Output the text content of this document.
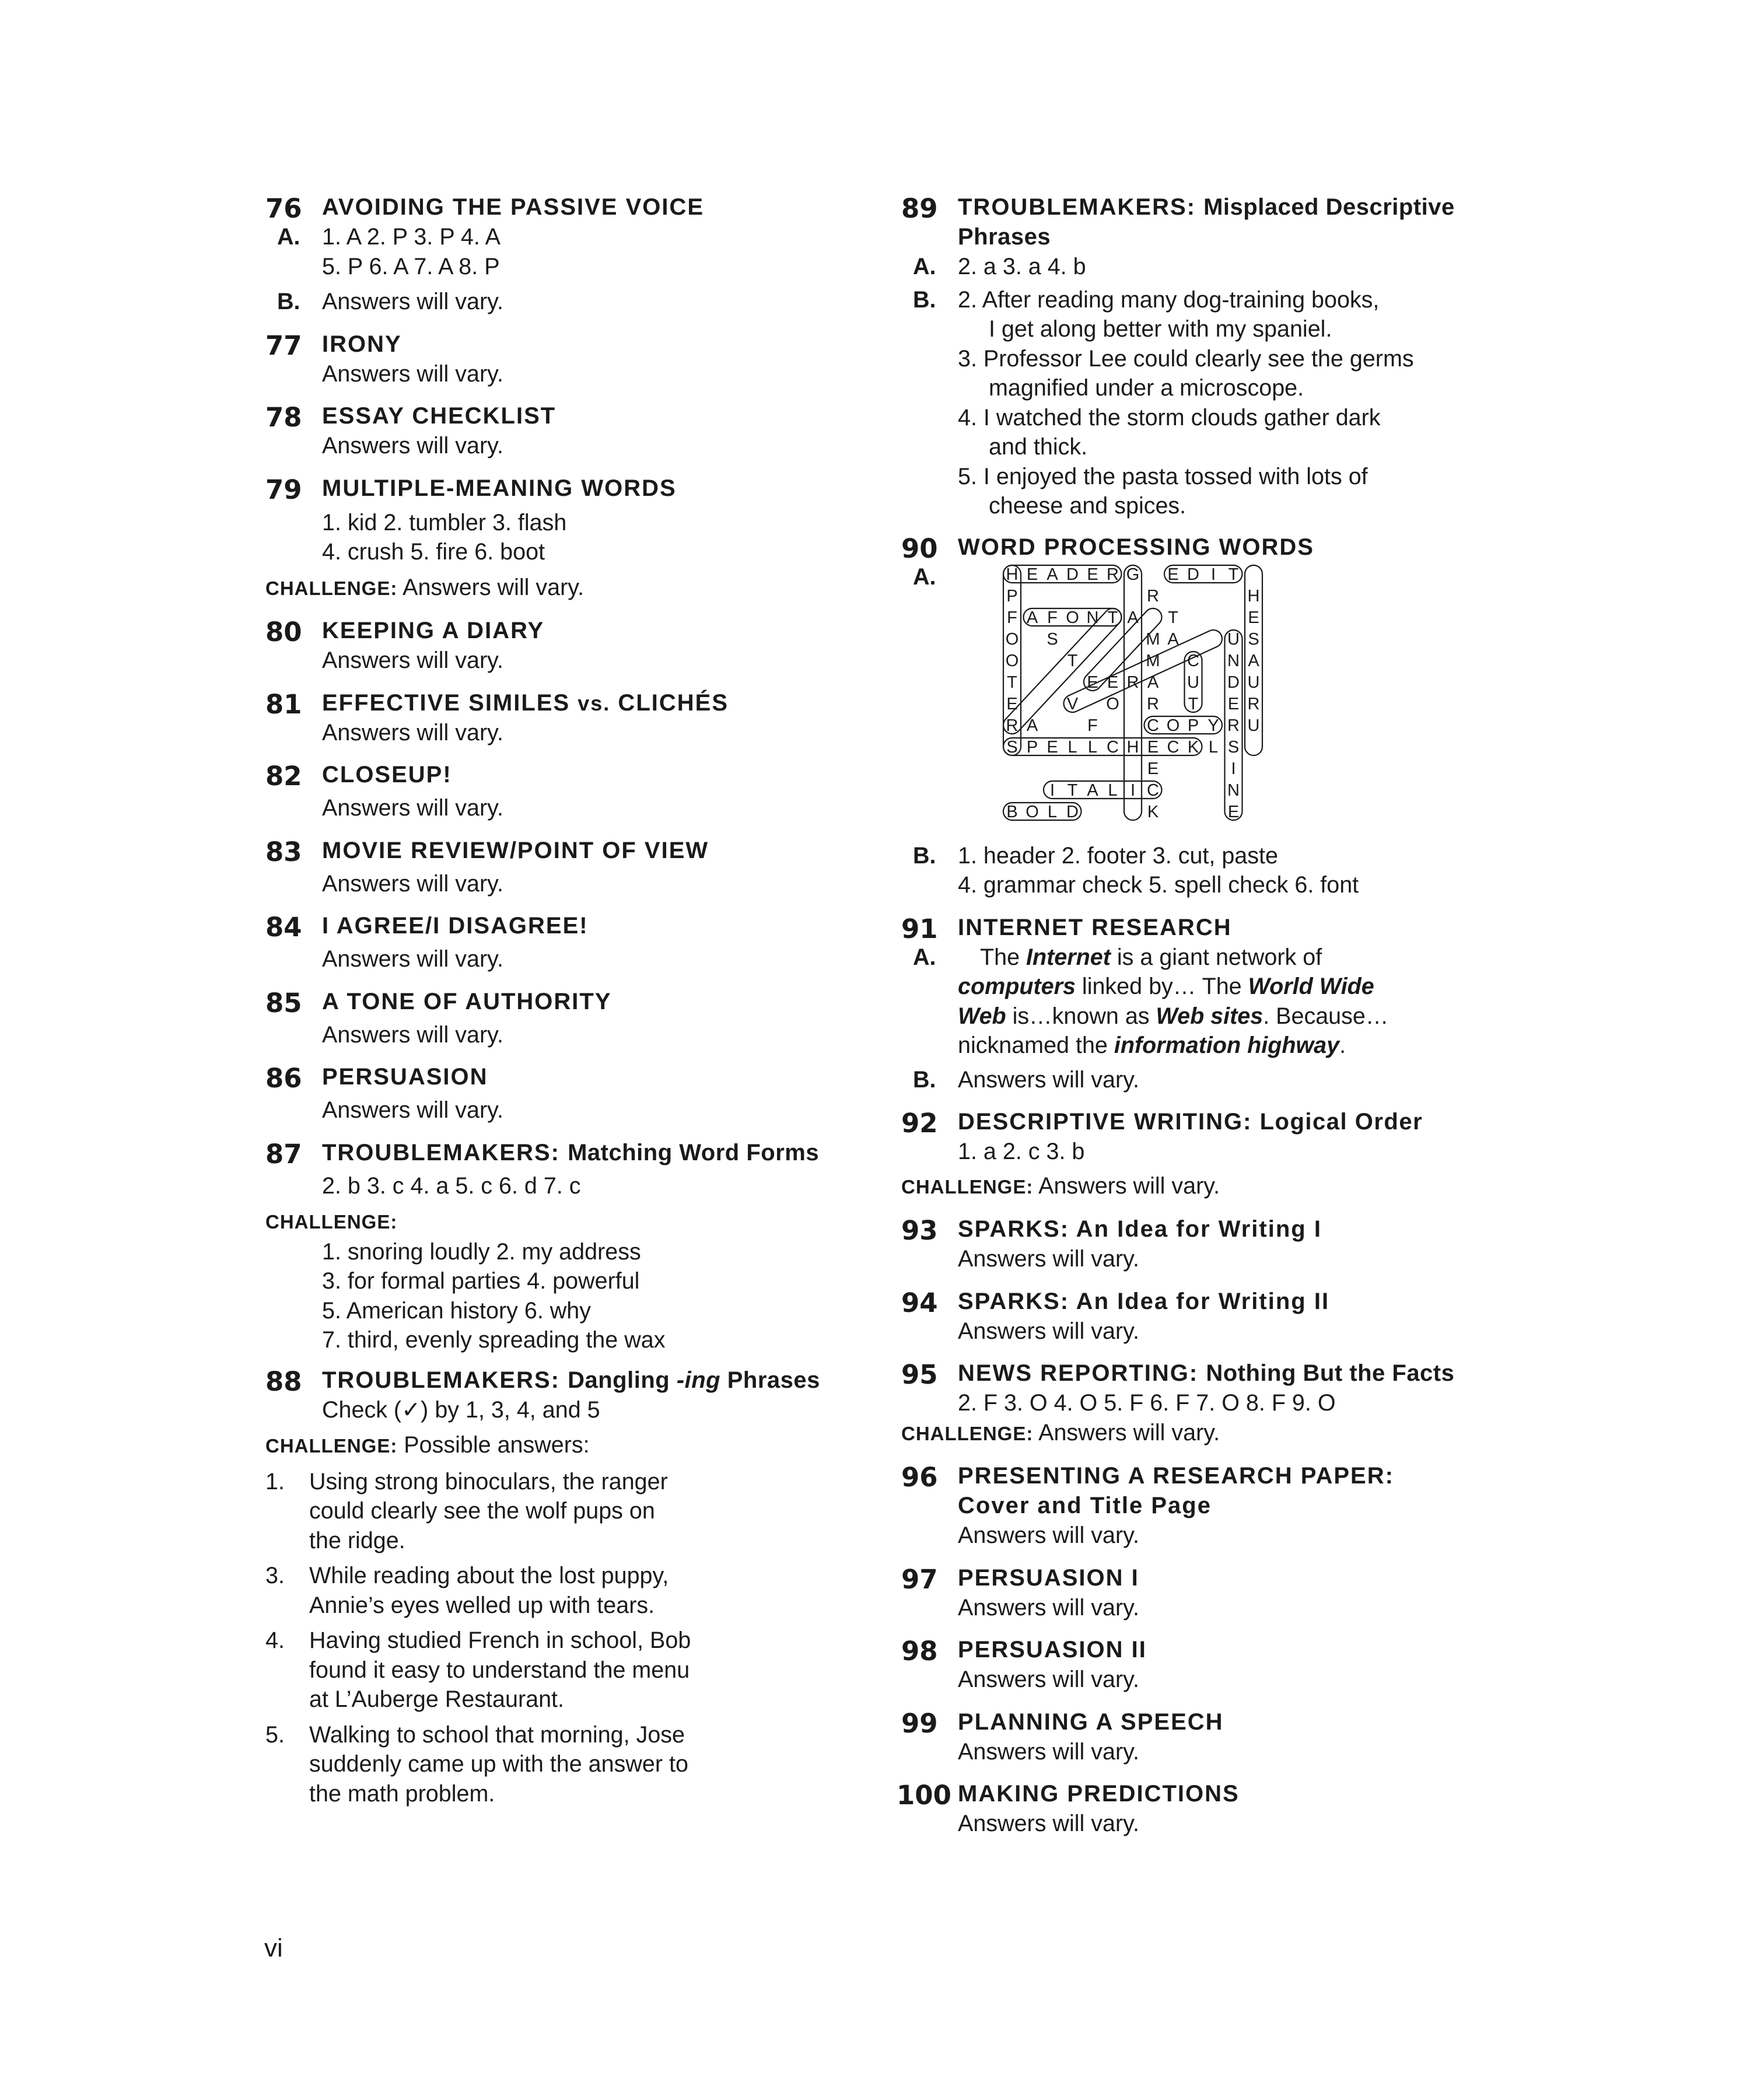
76 AVOIDING THE PASSIVE VOICE
A. 1. A 2. P 3. P 4. A
5. P 6. A 7. A 8. P
B. Answers will vary.
77 IRONY
Answers will vary.
78 ESSAY CHECKLIST
Answers will vary.
79 MULTIPLE-MEANING WORDS
1. kid 2. tumbler 3. flash
4. crush 5. fire 6. boot
CHALLENGE: Answers will vary.
80 KEEPING A DIARY
Answers will vary.
81 EFFECTIVE SIMILES vs. CLICHÉS
Answers will vary.
82 CLOSEUP!
Answers will vary.
83 MOVIE REVIEW/POINT OF VIEW
Answers will vary.
84 I AGREE/I DISAGREE!
Answers will vary.
85 A TONE OF AUTHORITY
Answers will vary.
86 PERSUASION
Answers will vary.
87 TROUBLEMAKERS: Matching Word Forms
2. b 3. c 4. a 5. c 6. d 7. c
CHALLENGE:
1. snoring loudly 2. my address
3. for formal parties 4. powerful
5. American history 6. why
7. third, evenly spreading the wax
88 TROUBLEMAKERS: Dangling -ing Phrases
Check (✓) by 1, 3, 4, and 5
CHALLENGE: Possible answers:
1.	Using strong binoculars, the ranger
could clearly see the wolf pups on
the ridge.
3.	While reading about the lost puppy,
Annie’s eyes welled up with tears.
4.	Having studied French in school, Bob
found it easy to understand the menu
at L’Auberge Restaurant.
5.	Walking to school that morning, Jose
suddenly came up with the answer to
the math problem.
89 TROUBLEMAKERS: Misplaced Descriptive
Phrases
A. 2. a 3. a 4. b
B. 2. After reading many dog-training books,
I get along better with my spaniel.
3. Professor Lee could clearly see the germs
magnified under a microscope.
4. I watched the storm clouds gather dark
and thick.
5. I enjoyed the pasta tossed with lots of
cheese and spices.
90 WORD PROCESSING WORDS
A.	H E A D E R G E D I T
P	R	H
F A F O N T A T	E
O S	M A	U S
O	T	M C N A
T	E E R A U D U
E	V O R T E R
R A	F	C O P Y R U
S P E L L C H E C K L S
E	I
I T A L I C	N
B O L D	K	E
B. 1. header 2. footer 3. cut, paste
4. grammar check 5. spell check 6. font
91 INTERNET RESEARCH
A. The Internet is a giant network of
computers linked by… The World Wide
Web is…known as Web sites. Because…
nicknamed the information highway.
B. Answers will vary.
92 DESCRIPTIVE WRITING: Logical Order
1. a 2. c 3. b
CHALLENGE: Answers will vary.
93 SPARKS: An Idea for Writing I
Answers will vary.
94 SPARKS: An Idea for Writing II
Answers will vary.
95 NEWS REPORTING: Nothing But the Facts
2. F 3. O 4. O 5. F 6. F 7. O 8. F 9. O
CHALLENGE: Answers will vary.
96 PRESENTING A RESEARCH PAPER:
Cover and Title Page
Answers will vary.
97 PERSUASION I
Answers will vary.
98 PERSUASION II
Answers will vary.
99 PLANNING A SPEECH
Answers will vary.
100 MAKING PREDICTIONS
Answers will vary.
vi
